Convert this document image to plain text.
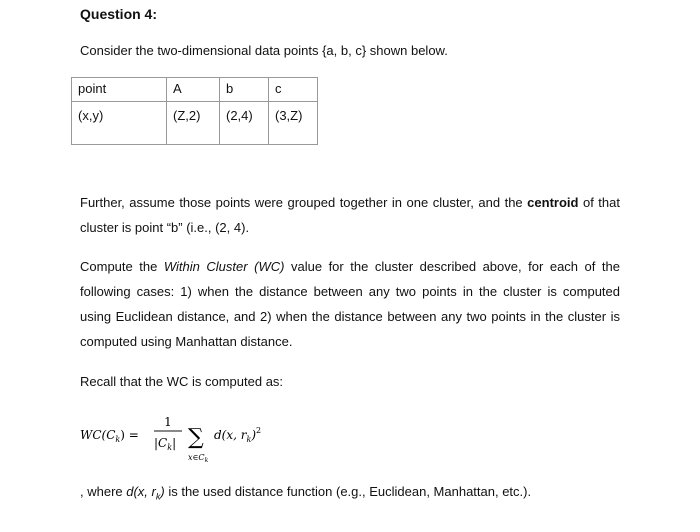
Question 4:
Consider the two-dimensional data points {a, b, c} shown below.
point	A	b	c
(x,y)	(Z,2)	(2,4)	(3,Z)
Further, assume those points were grouped together in one cluster, and the centroid of that cluster is point “b” (i.e., (2, 4).
Compute the Within Cluster (WC) value for the cluster described above, for each of the following cases: 1) when the distance between any two points in the cluster is computed using Euclidean distance, and 2) when the distance between any two points in the cluster is computed using Manhattan distance.
Recall that the WC is computed as:
$WC(C_k)$ =
1
$|C_k|$ ∑
$x\in C_k$
d(x, $r_k)^2$
, where d(x, $r_k$) is the used distance function (e.g., Euclidean, Manhattan, etc.).
